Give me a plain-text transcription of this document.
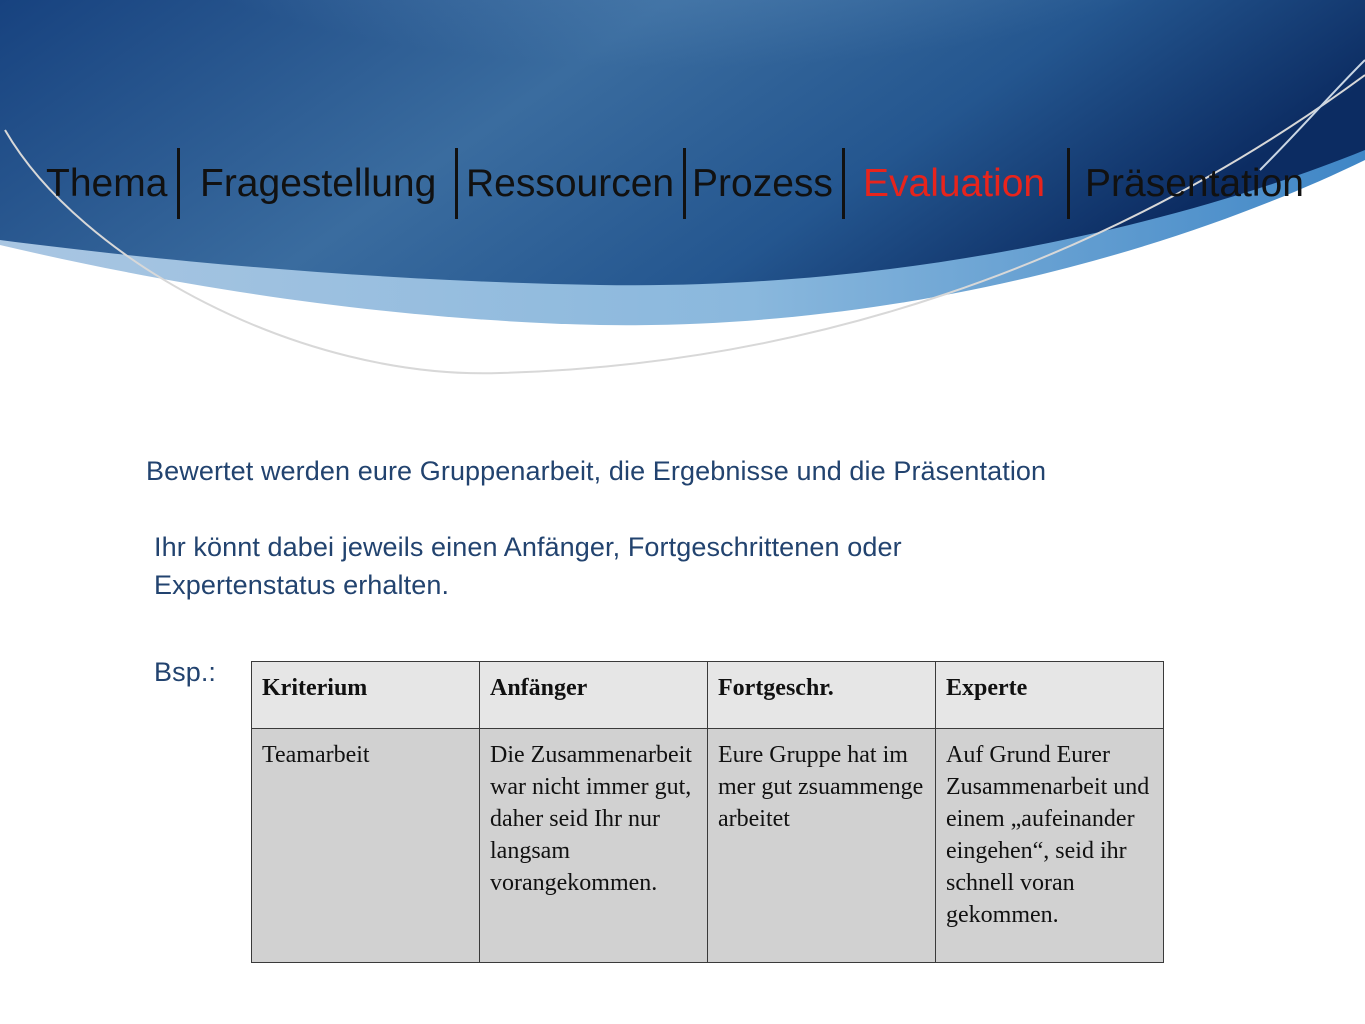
Thema Fragestellung Ressourcen Prozess Evaluation Präsentation
Bewertet werden eure Gruppenarbeit, die Ergebnisse und die Präsentation
Ihr könnt dabei jeweils einen Anfänger, Fortgeschrittenen oder
Expertenstatus erhalten.
Bsp.:
Kriterium	Anfänger	Fortgeschr.	Experte
Teamarbeit	Die Zusammenarbeit war nicht immer gut, daher seid Ihr nur langsam vorangekommen.	Eure Gruppe hat immer gut zsuammengearbeitet	Auf Grund Eurer Zusammenarbeit und einem „aufeinander eingehen“, seid ihr schnell voran gekommen.
